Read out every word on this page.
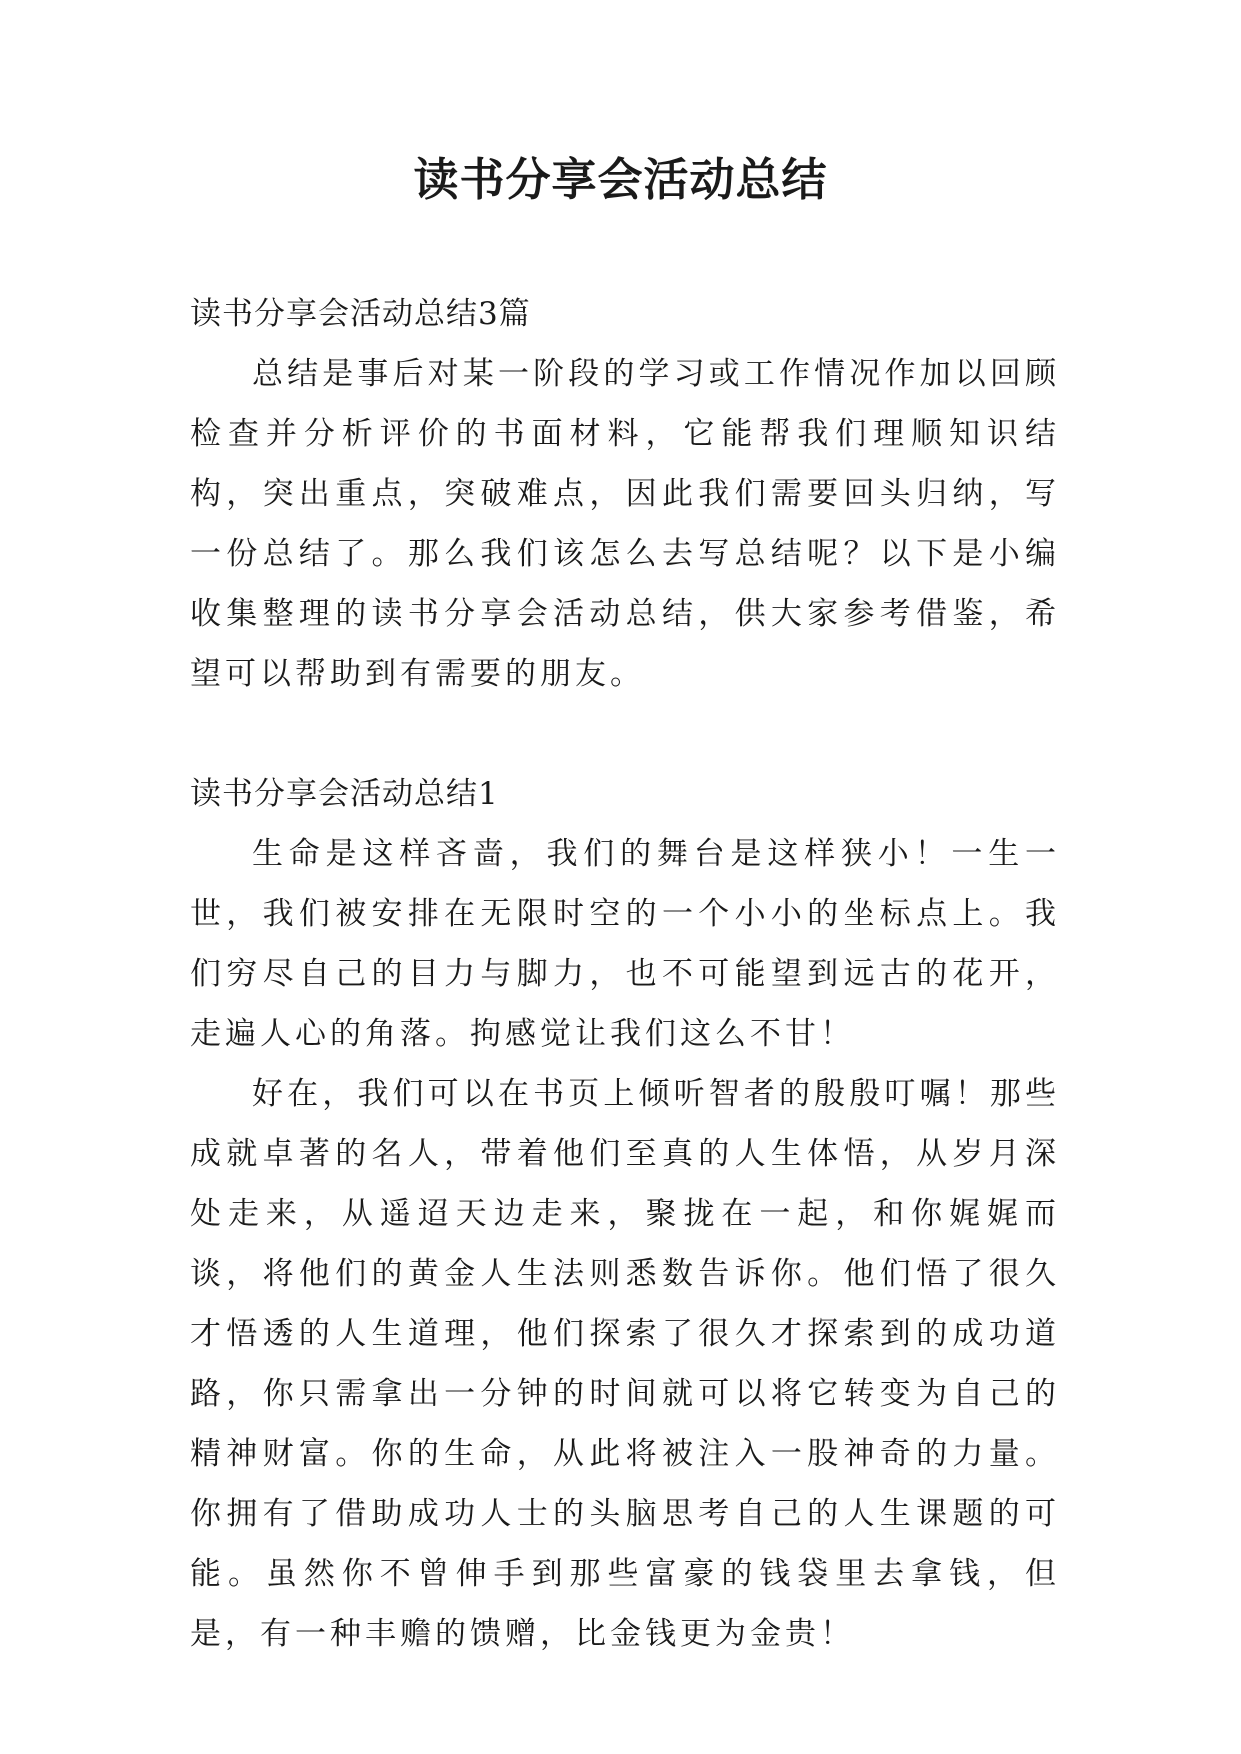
读书分享会活动总结

读书分享会活动总结3篇

总结是事后对某一阶段的学习或工作情况作加以回顾检查并分析评价的书面材料，它能帮我们理顺知识结构，突出重点，突破难点，因此我们需要回头归纳，写一份总结了。那么我们该怎么去写总结呢？以下是小编收集整理的读书分享会活动总结，供大家参考借鉴，希望可以帮助到有需要的朋友。

读书分享会活动总结1

生命是这样吝啬，我们的舞台是这样狭小！一生一世，我们被安排在无限时空的一个小小的坐标点上。我们穷尽自己的目力与脚力，也不可能望到远古的花开，走遍人心的角落。拘感觉让我们这么不甘！

好在，我们可以在书页上倾听智者的殷殷叮嘱！那些成就卓著的名人，带着他们至真的人生体悟，从岁月深处走来，从遥迢天边走来，聚拢在一起，和你娓娓而谈，将他们的黄金人生法则悉数告诉你。他们悟了很久才悟透的人生道理，他们探索了很久才探索到的成功道路，你只需拿出一分钟的时间就可以将它转变为自己的精神财富。你的生命，从此将被注入一股神奇的力量。你拥有了借助成功人士的头脑思考自己的人生课题的可能。虽然你不曾伸手到那些富豪的钱袋里去拿钱，但是，有一种丰赡的馈赠，比金钱更为金贵！
